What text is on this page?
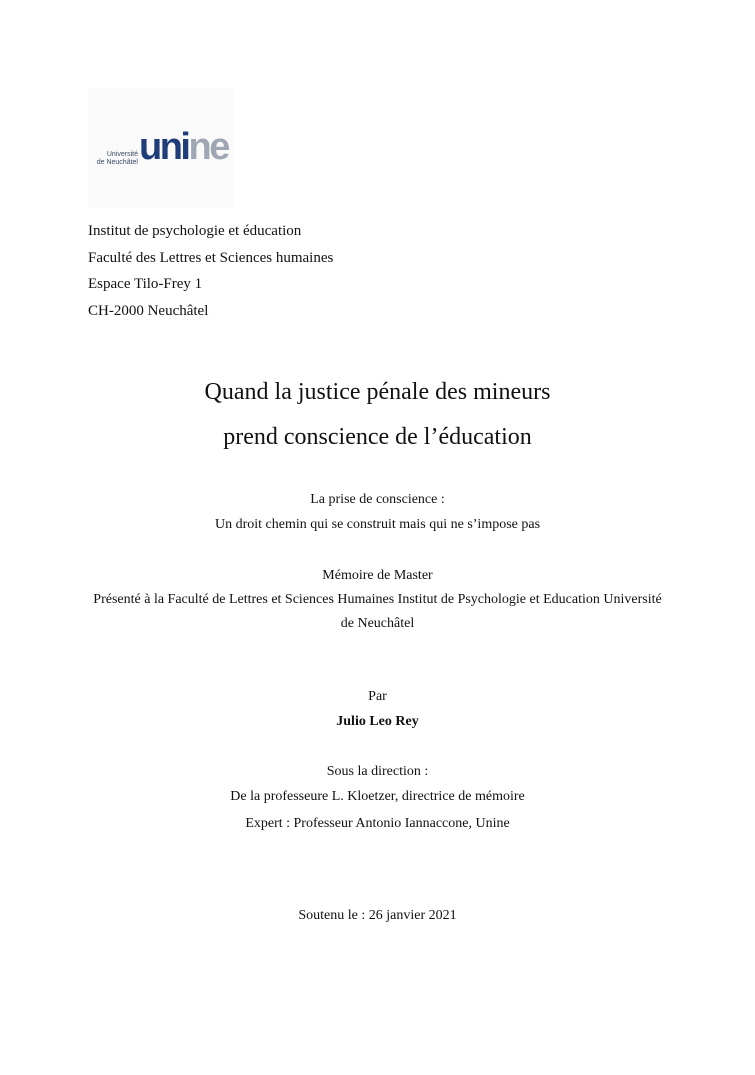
Université
de Neuchâtel unine
Institut de psychologie et éducation
Faculté des Lettres et Sciences humaines
Espace Tilo-Frey 1
CH-2000 Neuchâtel
Quand la justice pénale des mineurs
prend conscience de l’éducation
La prise de conscience :
Un droit chemin qui se construit mais qui ne s’impose pas
Mémoire de Master
Présenté à la Faculté de Lettres et Sciences Humaines Institut de Psychologie et Education Université
de Neuchâtel
Par
Julio Leo Rey
Sous la direction :
De la professeure L. Kloetzer, directrice de mémoire
Expert : Professeur Antonio Iannaccone, Unine
Soutenu le : 26 janvier 2021
